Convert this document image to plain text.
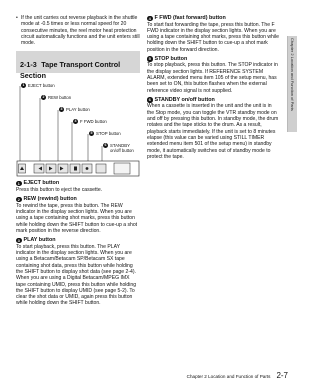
Chapter 2 Location and Function of Parts
• If the unit carries out reverse playback in the shuttle mode at -0.5 times or less normal speed for 20 consecutive minutes, the reel motor heat protection circuit automatically functions and the unit enters still mode.
2-1-3 Tape Transport Control
Section
1 EJECT button
2 REW button
3 PLAY button
4 F FWD button
5 STOP button
6 STANDBY
on/off button
1 EJECT button
Press this button to eject the cassette.
2 REW (rewind) button
To rewind the tape, press this button. The REW indicator in the display section lights. When you are using a tape containing shot marks, press this button while holding down the SHIFT button to cue-up a shot mark position in the reverse direction.
3 PLAY button
To start playback, press this button. The PLAY indicator in the display section lights. When you are using a Betacam/Betacam SP/Betacam SX tape containing shot data, press this button while holding the SHIFT button to display shot data (see page 2-4). When you are using a Digital Betacam/MPEG IMX tape containing UMID, press this button while holding the SHIFT button to display UMID (see page 5-2). To clear the shot data or UMID, again press this button while holding down the SHIFT button.
4 F FWD (fast forward) button
To start fast forwarding the tape, press this button. The F FWD indicator in the display section lights. When you are using a tape containing shot marks, press this button while holding down the SHIFT button to cue-up a shot mark position in the forward direction.
5 STOP button
To stop playback, press this button. The STOP indicator in the display section lights. If REFERENCE SYSTEM ALARM, extended menu item 105 of the setup menu, has been set to ON, this button flashes when the external reference video signal is not supplied.
6 STANDBY on/off button
When a cassette is inserted in the unit and the unit is in the Stop mode, you can toggle the VTR standby mode on and off by pressing this button. In standby mode, the drum rotates and the tape sticks to the drum. As a result, playback starts immediately. If the unit is set to 8 minutes elapse (this value can be varied using STILL TIMER extended menu item 501 of the setup menu) in standby mode, it automatically switches out of standby mode to protect the tape.
Chapter 2 Location and Function of Parts 2-7
